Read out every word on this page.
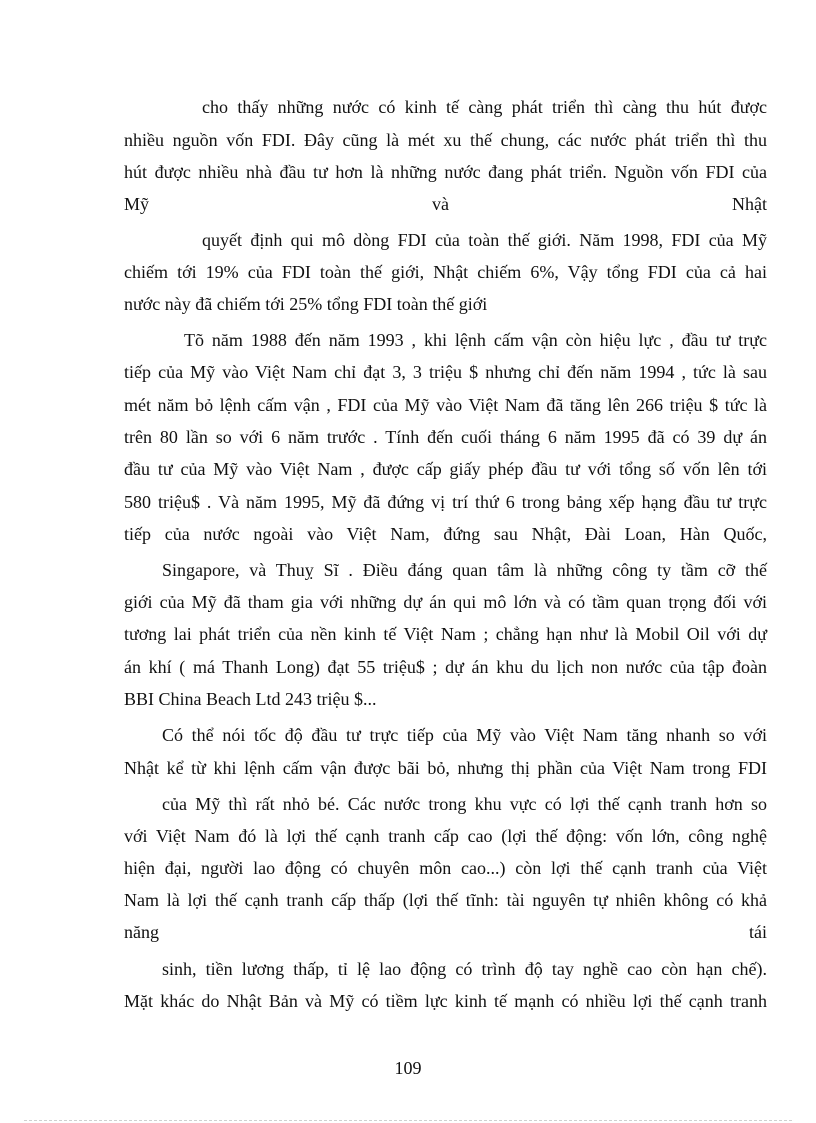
cho thấy những nước có kinh tế càng phát triển thì càng thu hút được
nhiều nguồn vốn FDI. Đây cũng là mét xu thế chung, các nước phát triển thì thu
hút được nhiều nhà đầu tư hơn là những nước đang phát triển. Nguồn vốn FDI của
Mỹ và Nhật
quyết định qui mô dòng FDI của toàn thế giới. Năm 1998, FDI của Mỹ
chiếm tới 19% của FDI toàn thế giới, Nhật chiếm 6%, Vậy tổng FDI của cả hai
nước này đã chiếm tới 25% tổng FDI toàn thế giới
Tõ năm 1988 đến năm 1993 , khi lệnh cấm vận còn hiệu lực , đầu tư trực
tiếp của Mỹ vào Việt Nam chỉ đạt 3, 3 triệu $ nhưng chỉ đến năm 1994 , tức là sau
mét năm bỏ lệnh cấm vận , FDI của Mỹ vào Việt Nam đã tăng lên 266 triệu $ tức là
trên 80 lần so với 6 năm trước . Tính đến cuối tháng 6 năm 1995 đã có 39 dự án
đầu tư của Mỹ vào Việt Nam , được cấp giấy phép đầu tư với tổng số vốn lên tới
580 triệu$ . Và năm 1995, Mỹ đã đứng vị trí thứ 6 trong bảng xếp hạng đầu tư trực
tiếp của nước ngoài vào Việt Nam, đứng sau Nhật, Đài Loan, Hàn Quốc,
Singapore, và Thuỵ Sĩ . Điều đáng quan tâm là những công ty tầm cỡ thế
giới của Mỹ đã tham gia với những dự án qui mô lớn và có tầm quan trọng đối với
tương lai phát triển của nền kinh tế Việt Nam ; chẳng hạn như là Mobil Oil với dự
án khí ( má Thanh Long) đạt 55 triệu$ ; dự án khu du lịch non nước của tập đoàn
BBI China Beach Ltd 243 triệu $...
Có thể nói tốc độ đầu tư trực tiếp của Mỹ vào Việt Nam tăng nhanh so với
Nhật kể từ khi lệnh cấm vận được bãi bỏ, nhưng thị phần của Việt Nam trong FDI
của Mỹ thì rất nhỏ bé. Các nước trong khu vực có lợi thế cạnh tranh hơn so
với Việt Nam đó là lợi thế cạnh tranh cấp cao (lợi thế động: vốn lớn, công nghệ
hiện đại, người lao động có chuyên môn cao...) còn lợi thế cạnh tranh của Việt
Nam là lợi thế cạnh tranh cấp thấp (lợi thế tĩnh: tài nguyên tự nhiên không có khả
năng tái
sinh, tiền lương thấp, tỉ lệ lao động có trình độ tay nghề cao còn hạn chế).
Mặt khác do Nhật Bản và Mỹ có tiềm lực kinh tế mạnh có nhiều lợi thế cạnh tranh
109
